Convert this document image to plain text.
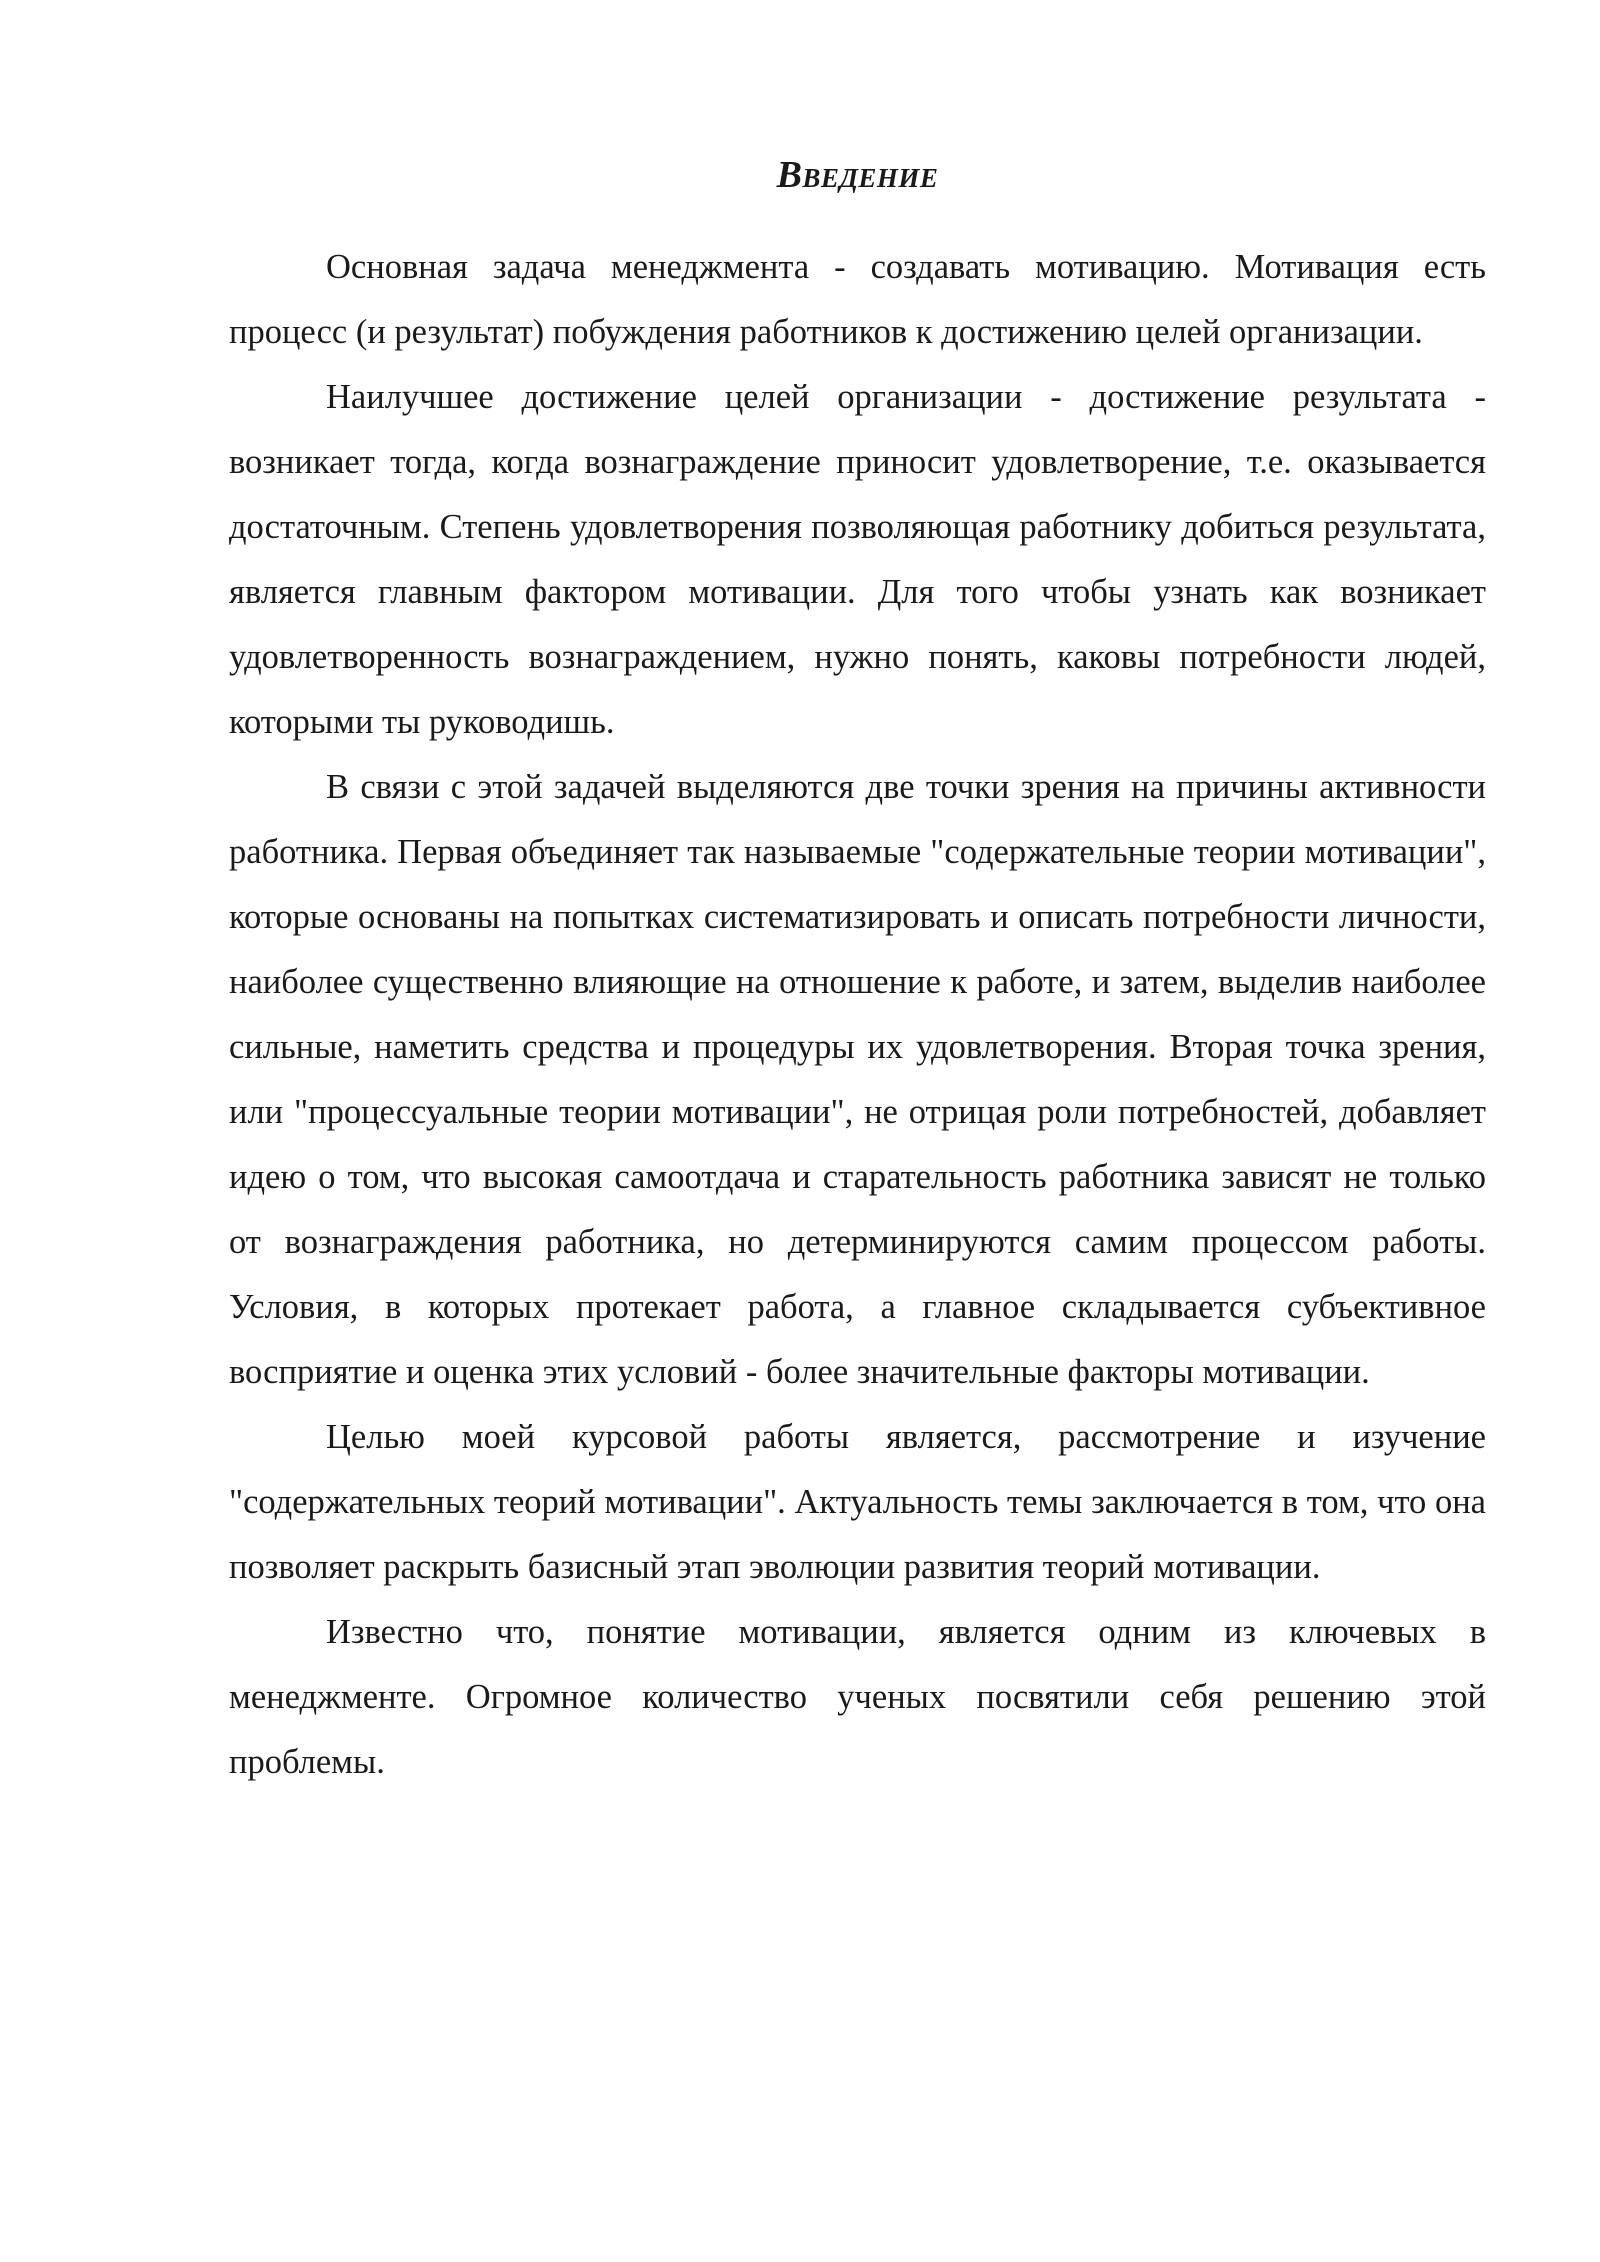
Введение

Основная задача менеджмента - создавать мотивацию. Мотивация есть процесс (и результат) побуждения работников к достижению целей организации.

Наилучшее достижение целей организации - достижение результата - возникает тогда, когда вознаграждение приносит удовлетворение, т.е. оказывается достаточным. Степень удовлетворения позволяющая работнику добиться результата, является главным фактором мотивации. Для того чтобы узнать как возникает удовлетворенность вознаграждением, нужно понять, каковы потребности людей, которыми ты руководишь.

В связи с этой задачей выделяются две точки зрения на причины активности работника. Первая объединяет так называемые "содержательные теории мотивации", которые основаны на попытках систематизировать и описать потребности личности, наиболее существенно влияющие на отношение к работе, и затем, выделив наиболее сильные, наметить средства и процедуры их удовлетворения. Вторая точка зрения, или "процессуальные теории мотивации", не отрицая роли потребностей, добавляет идею о том, что высокая самоотдача и старательность работника зависят не только от вознаграждения работника, но детерминируются самим процессом работы. Условия, в которых протекает работа, а главное складывается субъективное восприятие и оценка этих условий - более значительные факторы мотивации.

Целью моей курсовой работы является, рассмотрение и изучение "содержательных теорий мотивации". Актуальность темы заключается в том, что она позволяет раскрыть базисный этап эволюции развития теорий мотивации.

Известно что, понятие мотивации, является одним из ключевых в менеджменте. Огромное количество ученых посвятили себя решению этой проблемы.
